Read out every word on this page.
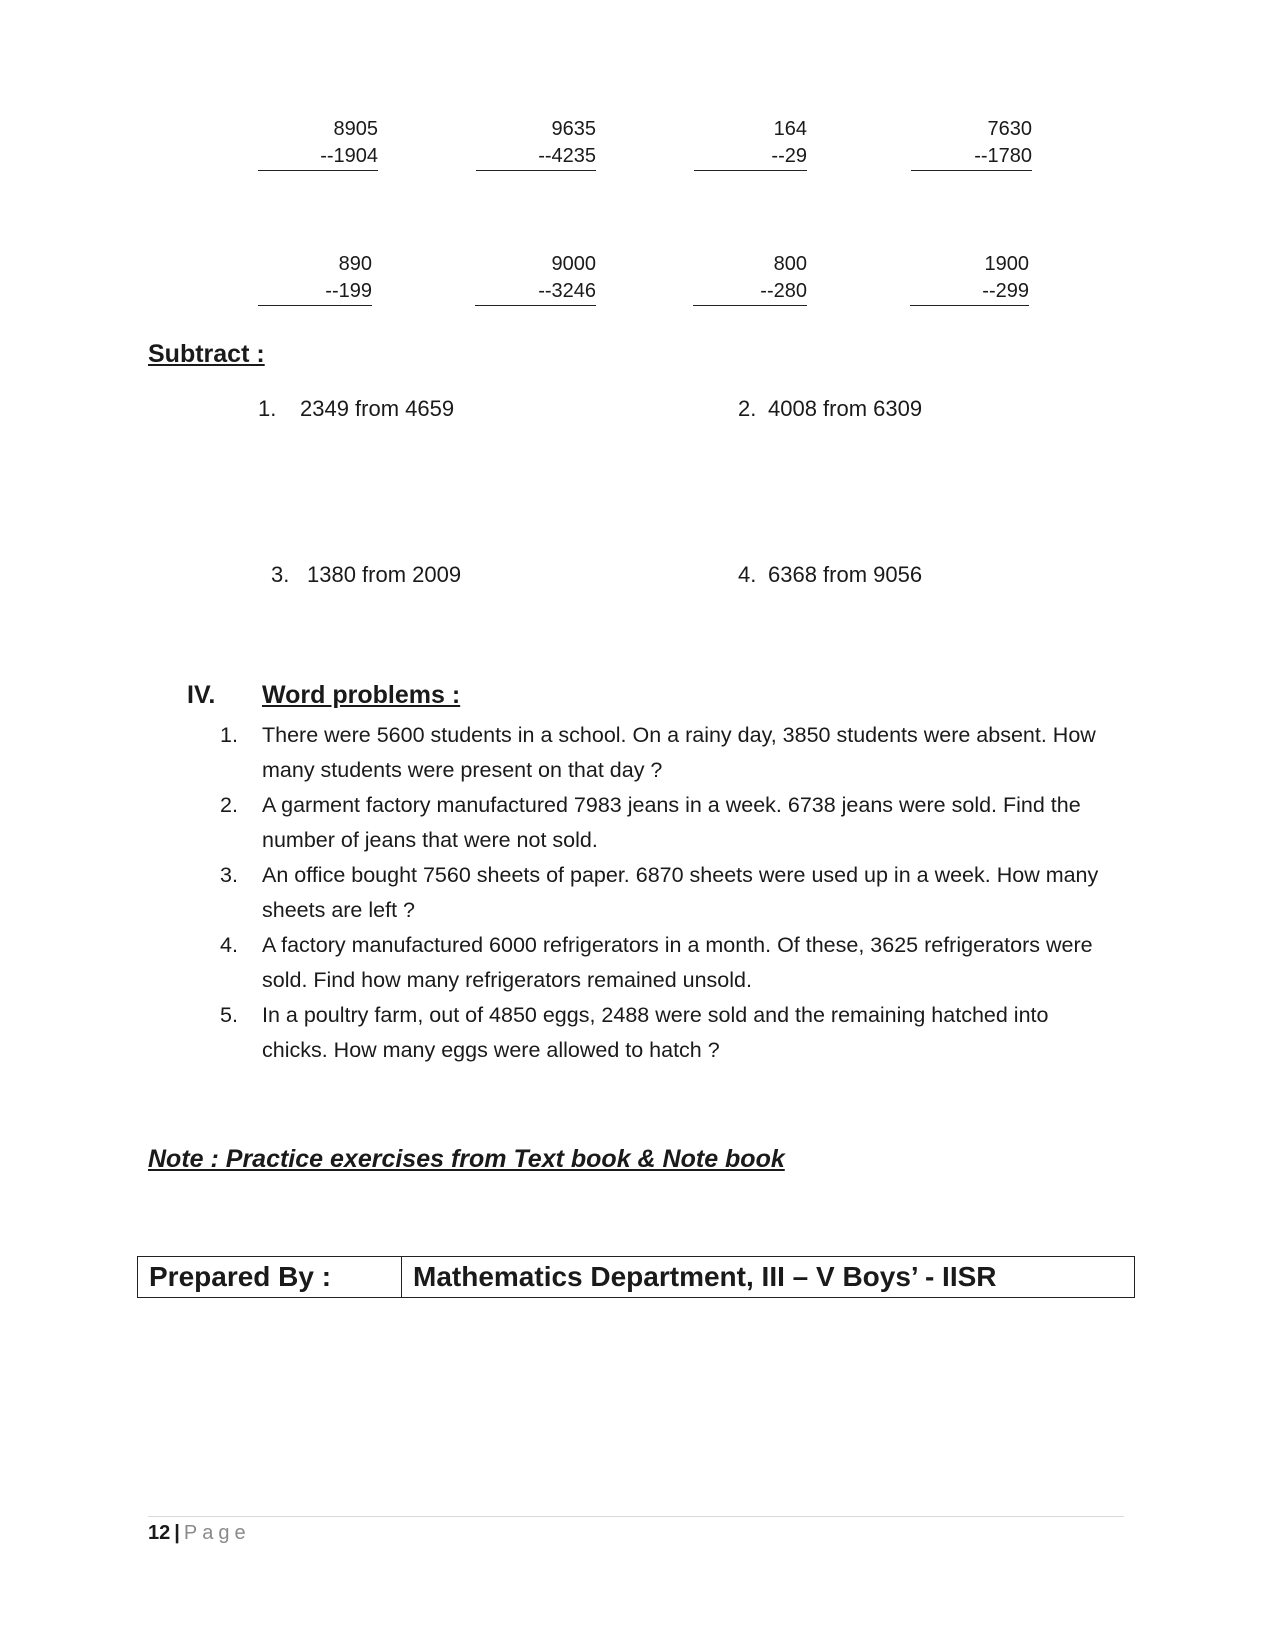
8905
--1904
9635
--4235
164
--29
7630
--1780
890
--199
9000
--3246
800
--280
1900
--299
Subtract :
1. 2349 from 4659	2. 4008 from 6309
3. 1380 from 2009	4. 6368 from 9056
IV. Word problems :
1.	There were 5600 students in a school. On a rainy day, 3850 students were absent. How many students were present on that day ?
2.	A garment factory manufactured 7983 jeans in a week. 6738 jeans were sold. Find the number of jeans that were not sold.
3.	An office bought 7560 sheets of paper. 6870 sheets were used up in a week. How many sheets are left ?
4.	A factory manufactured 6000 refrigerators in a month. Of these, 3625 refrigerators were sold. Find how many refrigerators remained unsold.
5.	In a poultry farm, out of 4850 eggs, 2488 were sold and the remaining hatched into chicks. How many eggs were allowed to hatch ?
Note : Practice exercises from Text book & Note book
Prepared By :	Mathematics Department, III – V Boys’ - IISR
12 | Page
